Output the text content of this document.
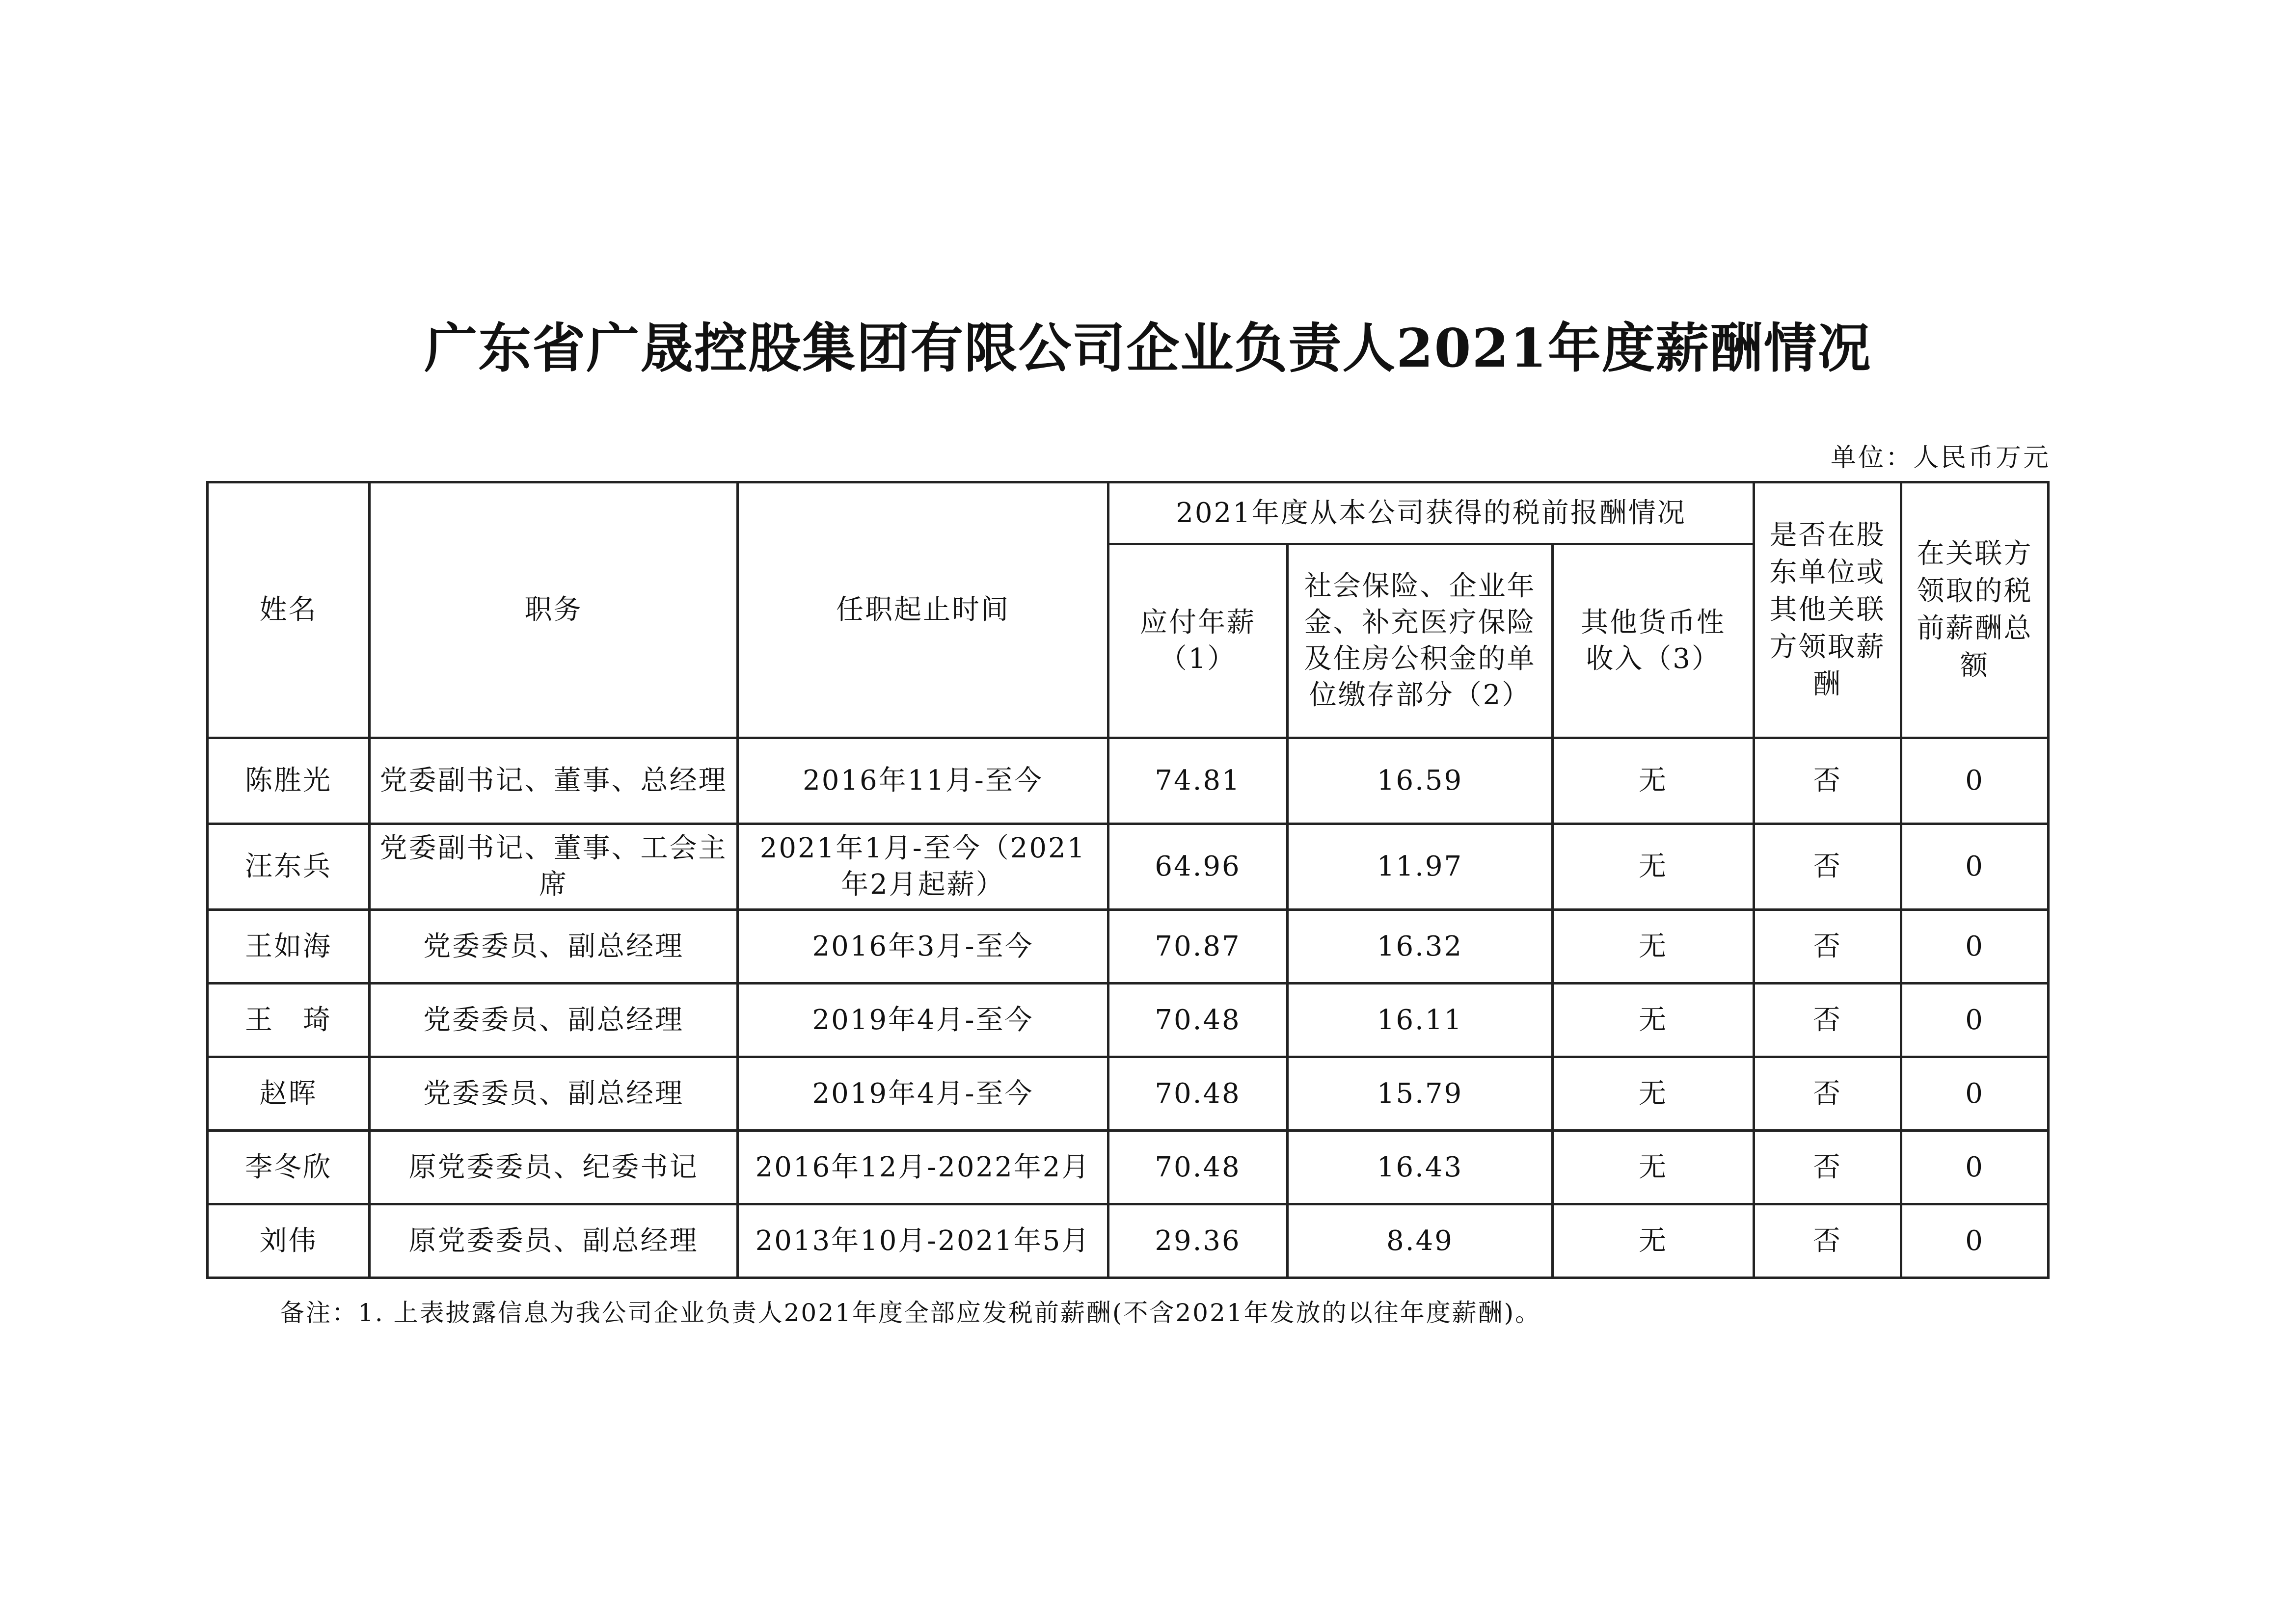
广东省广晟控股集团有限公司企业负责人2021年度薪酬情况
单位：人民币万元
姓名	职务	任职起止时间	2021年度从本公司获得的税前报酬情况			是否在股东单位或其他关联方领取薪酬	在关联方领取的税前薪酬总额
			应付年薪（1）	社会保险、企业年金、补充医疗保险及住房公积金的单位缴存部分（2）	其他货币性收入（3）		
陈胜光	党委副书记、董事、总经理	2016年11月-至今	74.81	16.59	无	否	0
汪东兵	党委副书记、董事、工会主席	2021年1月-至今（2021年2月起薪）	64.96	11.97	无	否	0
王如海	党委委员、副总经理	2016年3月-至今	70.87	16.32	无	否	0
王　琦	党委委员、副总经理	2019年4月-至今	70.48	16.11	无	否	0
赵晖	党委委员、副总经理	2019年4月-至今	70.48	15.79	无	否	0
李冬欣	原党委委员、纪委书记	2016年12月-2022年2月	70.48	16.43	无	否	0
刘伟	原党委委员、副总经理	2013年10月-2021年5月	29.36	8.49	无	否	0
备注：1. 上表披露信息为我公司企业负责人2021年度全部应发税前薪酬(不含2021年发放的以往年度薪酬)。
